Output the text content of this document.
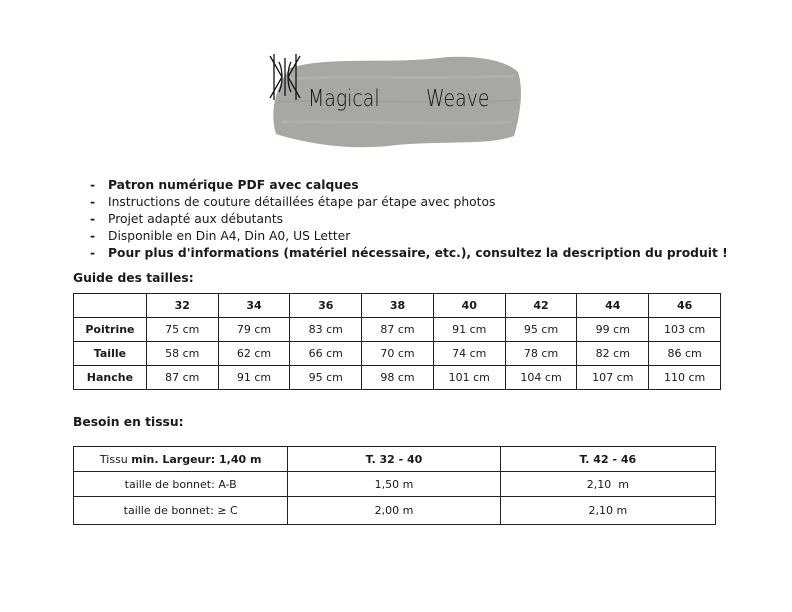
Magical Weave
- Patron numérique PDF avec calques
- Instructions de couture détaillées étape par étape avec photos
- Projet adapté aux débutants
- Disponible en Din A4, Din A0, US Letter
- Pour plus d'informations (matériel nécessaire, etc.), consultez la description du produit !
Guide des tailles:
	32	34	36	38	40	42	44	46
Poitrine	75 cm	79 cm	83 cm	87 cm	91 cm	95 cm	99 cm	103 cm
Taille	58 cm	62 cm	66 cm	70 cm	74 cm	78 cm	82 cm	86 cm
Hanche	87 cm	91 cm	95 cm	98 cm	101 cm	104 cm	107 cm	110 cm
Besoin en tissu:
Tissu min. Largeur: 1,40 m	T. 32 - 40	T. 42 - 46
taille de bonnet: A-B	1,50 m	2,10  m
taille de bonnet: ≥ C	2,00 m	2,10 m
